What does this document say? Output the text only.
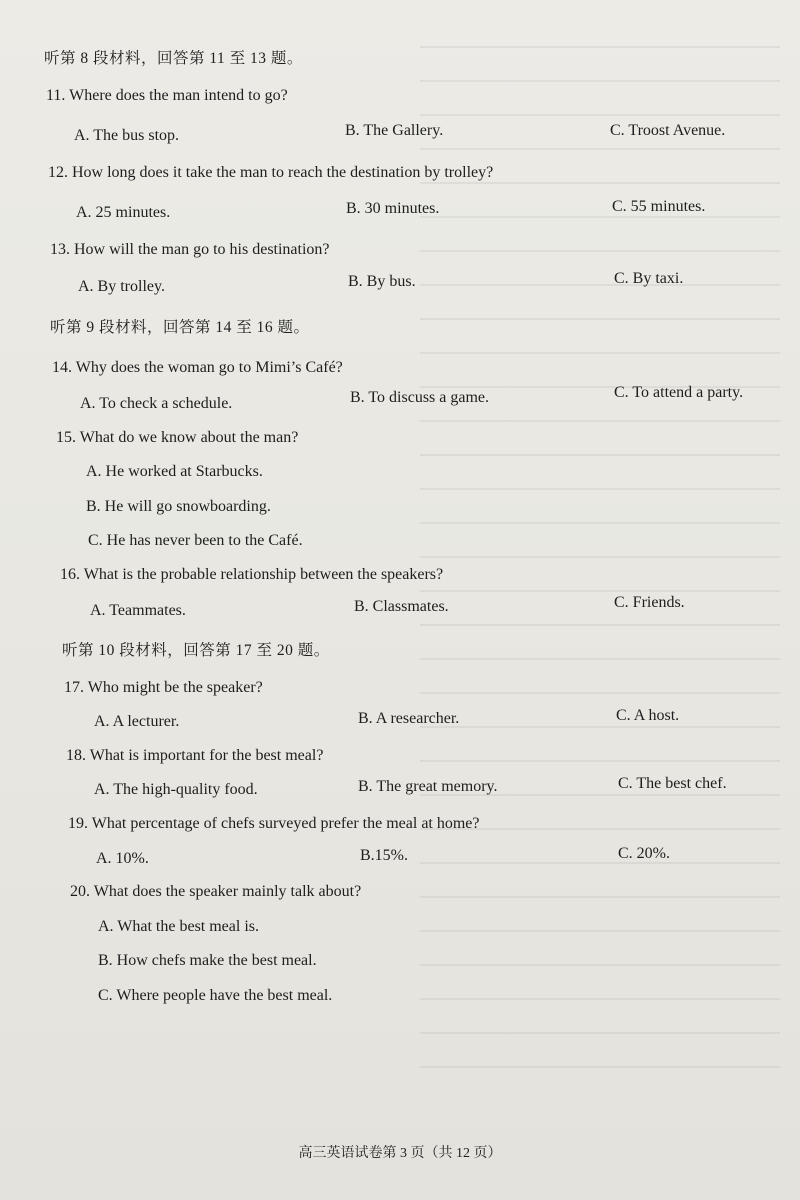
听第 8 段材料，回答第 11 至 13 题。
11. Where does the man intend to go?
A. The bus stop.	B. The Gallery.	C. Troost Avenue.
12. How long does it take the man to reach the destination by trolley?
A. 25 minutes.	B. 30 minutes.	C. 55 minutes.
13. How will the man go to his destination?
A. By trolley.	B. By bus.	C. By taxi.
听第 9 段材料，回答第 14 至 16 题。
14. Why does the woman go to Mimi’s Café?
A. To check a schedule.	B. To discuss a game.	C. To attend a party.
15. What do we know about the man?
A. He worked at Starbucks.
B. He will go snowboarding.
C. He has never been to the Café.
16. What is the probable relationship between the speakers?
A. Teammates.	B. Classmates.	C. Friends.
听第 10 段材料，回答第 17 至 20 题。
17. Who might be the speaker?
A. A lecturer.	B. A researcher.	C. A host.
18. What is important for the best meal?
A. The high-quality food.	B. The great memory.	C. The best chef.
19. What percentage of chefs surveyed prefer the meal at home?
A. 10%.	B.15%.	C. 20%.
20. What does the speaker mainly talk about?
A. What the best meal is.
B. How chefs make the best meal.
C. Where people have the best meal.
高三英语试卷第 3 页（共 12 页）
